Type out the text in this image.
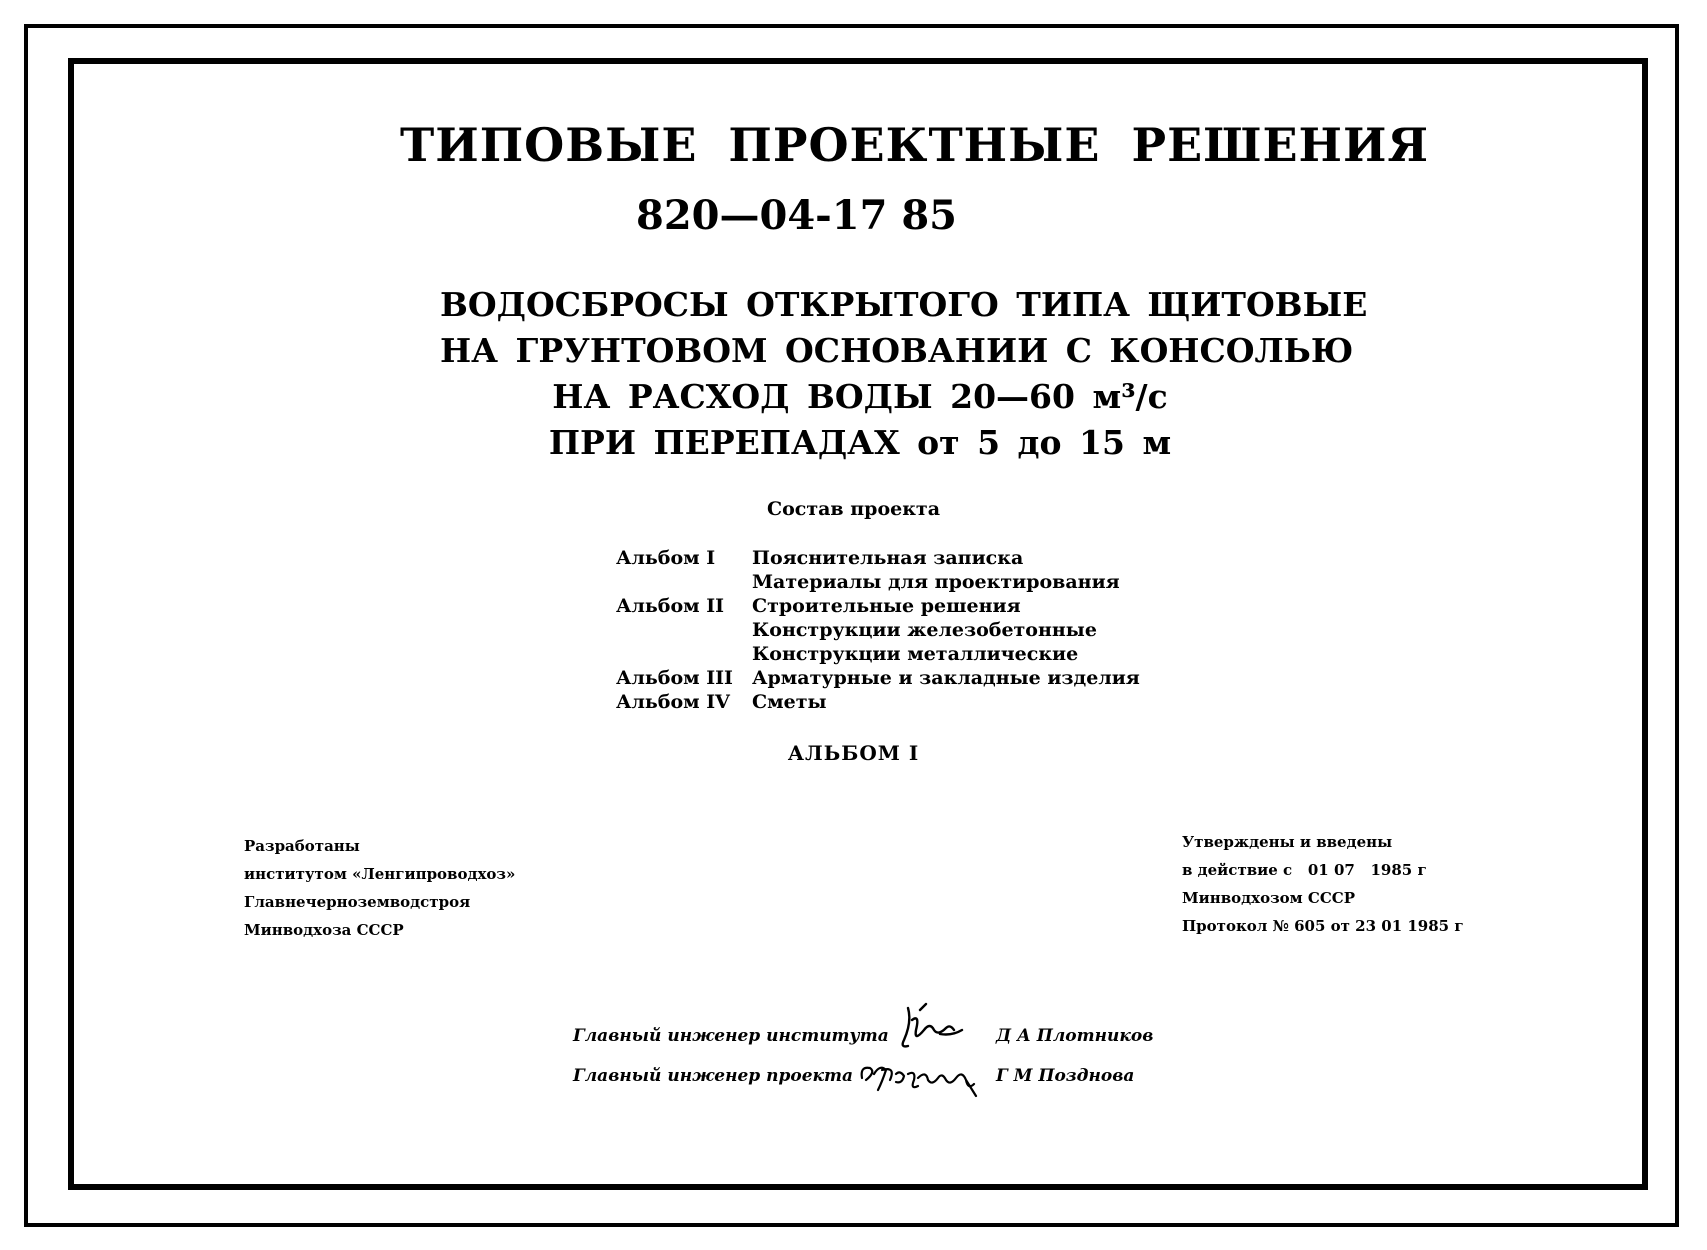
ТИПОВЫЕ ПРОЕКТНЫЕ РЕШЕНИЯ
820—04-17 85
ВОДОСБРОСЫ ОТКРЫТОГО ТИПА ЩИТОВЫЕ
НА ГРУНТОВОМ ОСНОВАНИИ С КОНСОЛЬЮ
НА РАСХОД ВОДЫ 20—60 м³/с
ПРИ ПЕРЕПАДАХ от 5 до 15 м
Состав проекта
Альбом I	Пояснительная записка
Материалы для проектирования
Альбом II	Строительные решения
Конструкции железобетонные
Конструкции металлические
Альбом III	Арматурные и закладные изделия
Альбом IV	Сметы
АЛЬБОМ I
Разработаны
институтом «Ленгипроводхоз»
Главнечерноземводстроя
Минводхоза СССР
Утверждены и введены
в действие с   01 07   1985 г
Минводхозом СССР
Протокол № 605 от 23 01 1985 г
Главный инженер института	Д А Плотников
Главный инженер проекта	Г М Позднова
